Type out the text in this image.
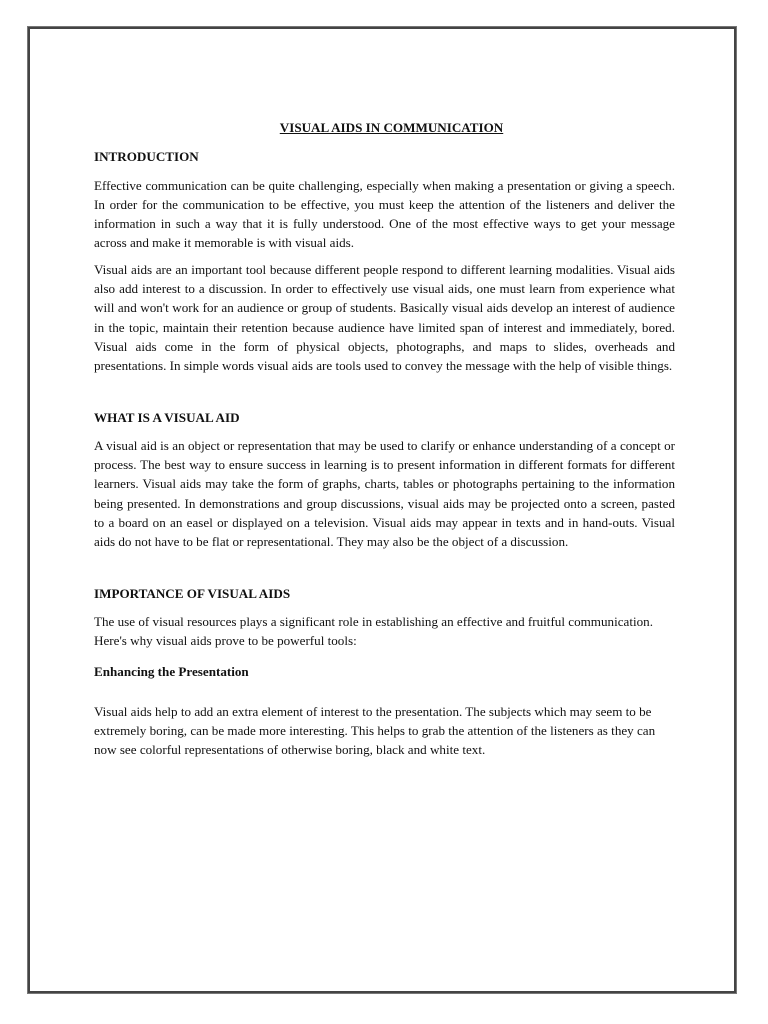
VISUAL AIDS IN COMMUNICATION
INTRODUCTION

Effective communication can be quite challenging, especially when making a presentation or giving a speech. In order for the communication to be effective, you must keep the attention of the listeners and deliver the information in such a way that it is fully understood. One of the most effective ways to get your message across and make it memorable is with visual aids.

Visual aids are an important tool because different people respond to different learning modalities. Visual aids also add interest to a discussion. In order to effectively use visual aids, one must learn from experience what will and won't work for an audience or group of students. Basically visual aids develop an interest of audience in the topic, maintain their retention because audience have limited span of interest and immediately, bored. Visual aids come in the form of physical objects, photographs, and maps to slides, overheads and presentations. In simple words visual aids are tools used to convey the message with the help of visible things.

WHAT IS A VISUAL AID

A visual aid is an object or representation that may be used to clarify or enhance understanding of a concept or process. The best way to ensure success in learning is to present information in different formats for different learners. Visual aids may take the form of graphs, charts, tables or photographs pertaining to the information being presented. In demonstrations and group discussions, visual aids may be projected onto a screen, pasted to a board on an easel or displayed on a television. Visual aids may appear in texts and in hand-outs. Visual aids do not have to be flat or representational. They may also be the object of a discussion.

IMPORTANCE OF VISUAL AIDS

The use of visual resources plays a significant role in establishing an effective and fruitful communication. Here's why visual aids prove to be powerful tools:

Enhancing the Presentation

Visual aids help to add an extra element of interest to the presentation. The subjects which may seem to be extremely boring, can be made more interesting. This helps to grab the attention of the listeners as they can now see colorful representations of otherwise boring, black and white text.
